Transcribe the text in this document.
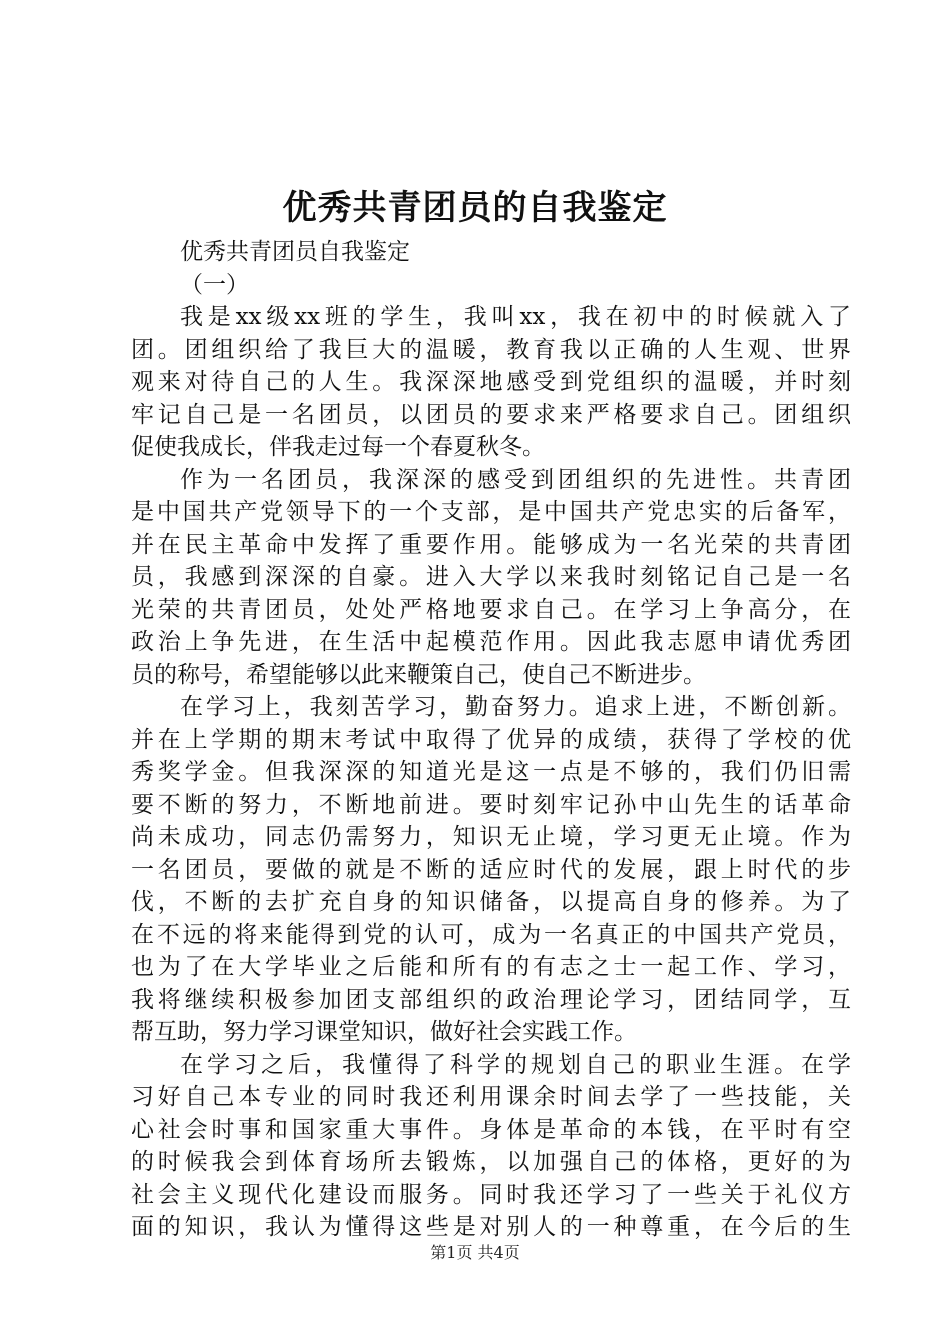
优秀共青团员的自我鉴定
优秀共青团员自我鉴定
（一）
我是xx级xx班的学生，我叫xx，我在初中的时候就入了
团。团组织给了我巨大的温暖，教育我以正确的人生观、世界
观来对待自己的人生。我深深地感受到党组织的温暖，并时刻
牢记自己是一名团员，以团员的要求来严格要求自己。团组织
促使我成长，伴我走过每一个春夏秋冬。
作为一名团员，我深深的感受到团组织的先进性。共青团
是中国共产党领导下的一个支部，是中国共产党忠实的后备军，
并在民主革命中发挥了重要作用。能够成为一名光荣的共青团
员，我感到深深的自豪。进入大学以来我时刻铭记自己是一名
光荣的共青团员，处处严格地要求自己。在学习上争高分，在
政治上争先进，在生活中起模范作用。因此我志愿申请优秀团
员的称号，希望能够以此来鞭策自己，使自己不断进步。
在学习上，我刻苦学习，勤奋努力。追求上进，不断创新。
并在上学期的期末考试中取得了优异的成绩，获得了学校的优
秀奖学金。但我深深的知道光是这一点是不够的，我们仍旧需
要不断的努力，不断地前进。要时刻牢记孙中山先生的话革命
尚未成功，同志仍需努力，知识无止境，学习更无止境。作为
一名团员，要做的就是不断的适应时代的发展，跟上时代的步
伐，不断的去扩充自身的知识储备，以提高自身的修养。为了
在不远的将来能得到党的认可，成为一名真正的中国共产党员，
也为了在大学毕业之后能和所有的有志之士一起工作、学习，
我将继续积极参加团支部组织的政治理论学习，团结同学，互
帮互助，努力学习课堂知识，做好社会实践工作。
在学习之后，我懂得了科学的规划自己的职业生涯。在学
习好自己本专业的同时我还利用课余时间去学了一些技能，关
心社会时事和国家重大事件。身体是革命的本钱，在平时有空
的时候我会到体育场所去锻炼，以加强自己的体格，更好的为
社会主义现代化建设而服务。同时我还学习了一些关于礼仪方
面的知识，我认为懂得这些是对别人的一种尊重，在今后的生
第1页 共4页
